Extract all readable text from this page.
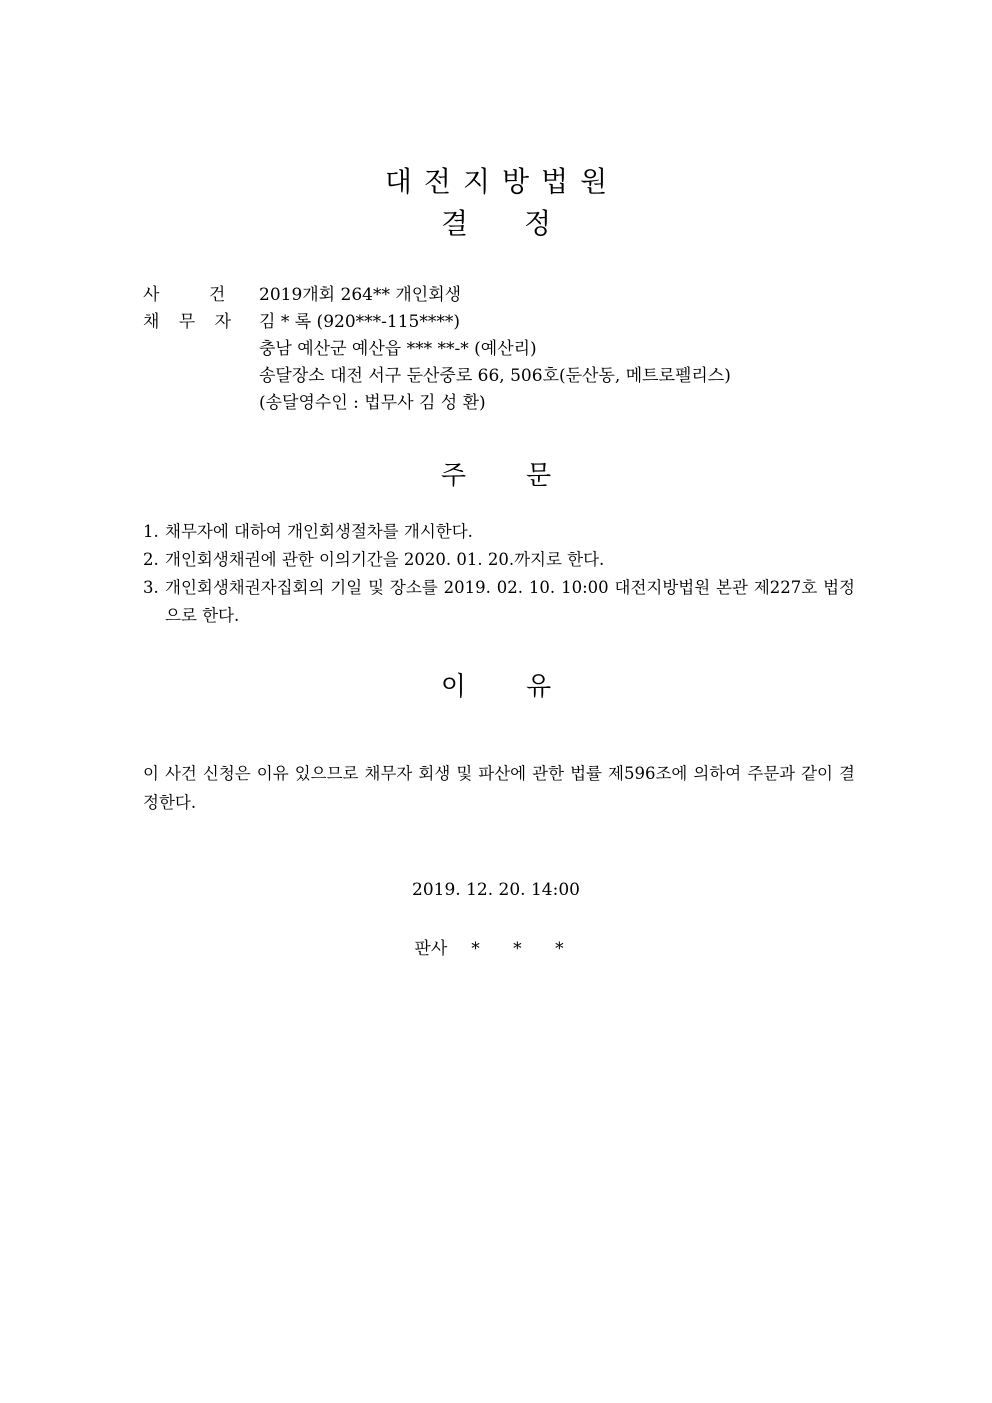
대전지방법원
결정
사 건	2019개회 264** 개인회생
채 무 자	김 * 록 (920***-115****)
충남 예산군 예산읍 *** **-* (예산리)
송달장소 대전 서구 둔산중로 66, 506호(둔산동, 메트로펠리스)
(송달영수인 : 법무사 김 성 환)
주문
1. 채무자에 대하여 개인회생절차를 개시한다.
2. 개인회생채권에 관한 이의기간을 2020. 01. 20.까지로 한다.
3. 개인회생채권자집회의 기일 및 장소를 2019. 02. 10. 10:00 대전지방법원 본관 제227호 법정으로 한다.
이유
이 사건 신청은 이유 있으므로 채무자 회생 및 파산에 관한 법률 제596조에 의하여 주문과 같이 결정한다.
2019. 12. 20. 14:00
판사 * * *
